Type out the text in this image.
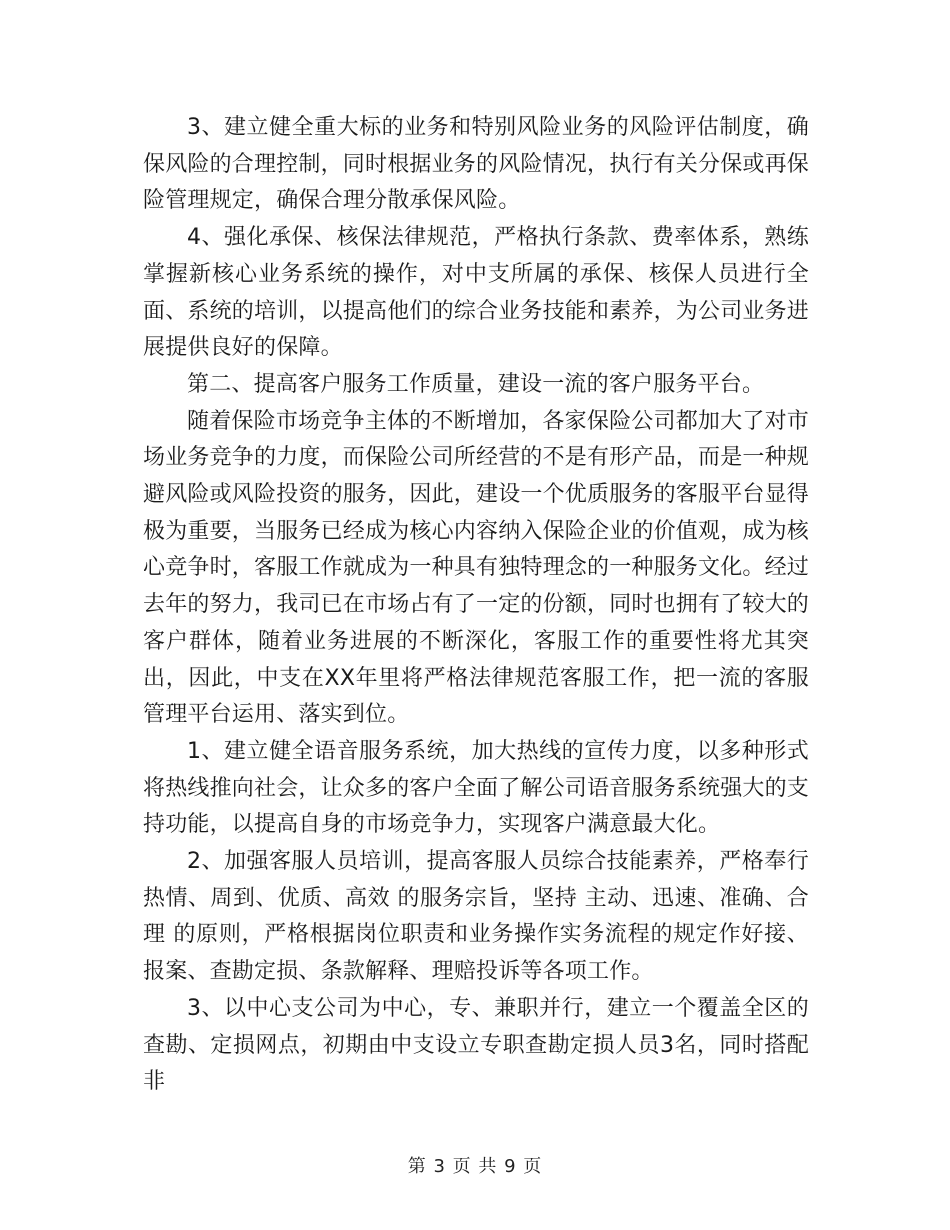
3、建立健全重大标的业务和特别风险业务的风险评估制度，确保风险的合理控制，同时根据业务的风险情况，执行有关分保或再保险管理规定，确保合理分散承保风险。

4、强化承保、核保法律规范，严格执行条款、费率体系，熟练掌握新核心业务系统的操作，对中支所属的承保、核保人员进行全面、系统的培训，以提高他们的综合业务技能和素养，为公司业务进展提供良好的保障。

第二、提高客户服务工作质量，建设一流的客户服务平台。

随着保险市场竞争主体的不断增加，各家保险公司都加大了对市场业务竞争的力度，而保险公司所经营的不是有形产品，而是一种规避风险或风险投资的服务，因此，建设一个优质服务的客服平台显得极为重要，当服务已经成为核心内容纳入保险企业的价值观，成为核心竞争时，客服工作就成为一种具有独特理念的一种服务文化。经过去年的努力，我司已在市场占有了一定的份额，同时也拥有了较大的客户群体，随着业务进展的不断深化，客服工作的重要性将尤其突出，因此，中支在XX年里将严格法律规范客服工作，把一流的客服管理平台运用、落实到位。

1、建立健全语音服务系统，加大热线的宣传力度，以多种形式将热线推向社会，让众多的客户全面了解公司语音服务系统强大的支持功能，以提高自身的市场竞争力，实现客户满意最大化。

2、加强客服人员培训，提高客服人员综合技能素养，严格奉行 热情、周到、优质、高效 的服务宗旨，坚持 主动、迅速、准确、合理 的原则，严格根据岗位职责和业务操作实务流程的规定作好接、报案、查勘定损、条款解释、理赔投诉等各项工作。

3、以中心支公司为中心，专、兼职并行，建立一个覆盖全区的查勘、定损网点，初期由中支设立专职查勘定损人员3名，同时搭配非

第 3 页 共 9 页
